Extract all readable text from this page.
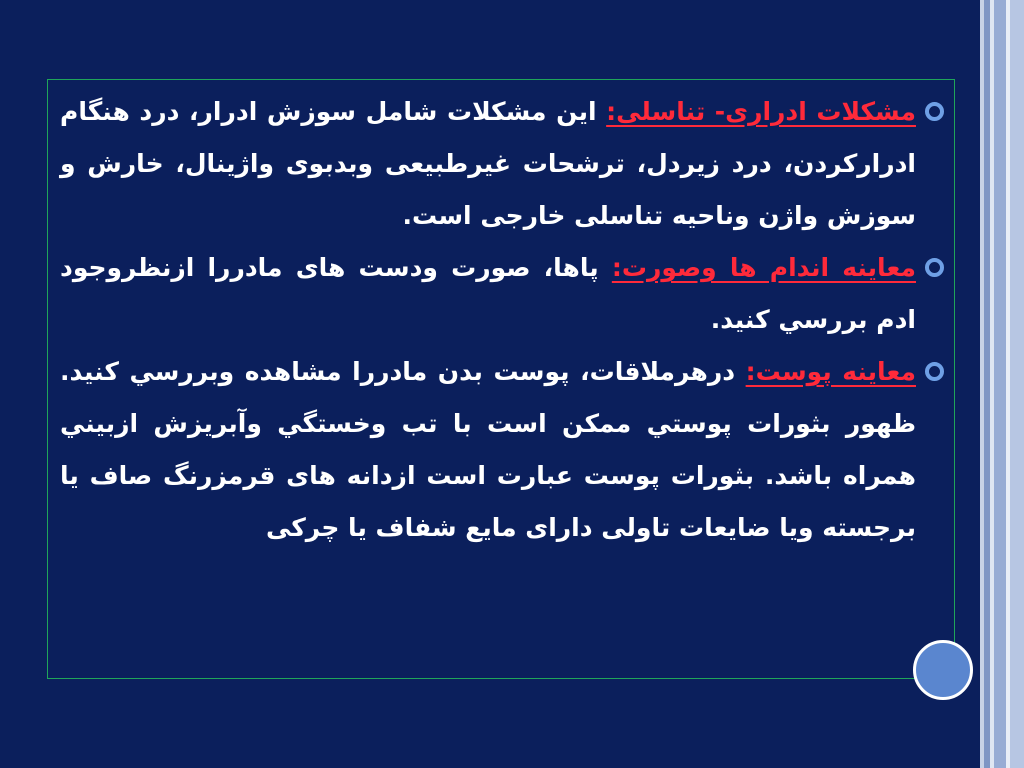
مشکلات ادراری- تناسلی: این مشکلات شامل سوزش ادرار، درد هنگام ادرارکردن، درد زیردل، ترشحات غیرطبیعی وبدبوی واژینال، خارش و سوزش واژن وناحیه تناسلی خارجی است.

معاینه اندام ها وصورت: پاها، صورت ودست های مادررا ازنظروجود ادم بررسي کنید.

معاینه پوست: درهرملاقات، پوست بدن مادررا مشاهده وبررسي کنید. ظهور بثورات پوستي ممکن است با تب وخستگي وآبریزش ازبیني همراه باشد. بثورات پوست عبارت است ازدانه های قرمزرنگ صاف یا برجسته ویا ضایعات تاولی دارای مایع شفاف یا چرکی
